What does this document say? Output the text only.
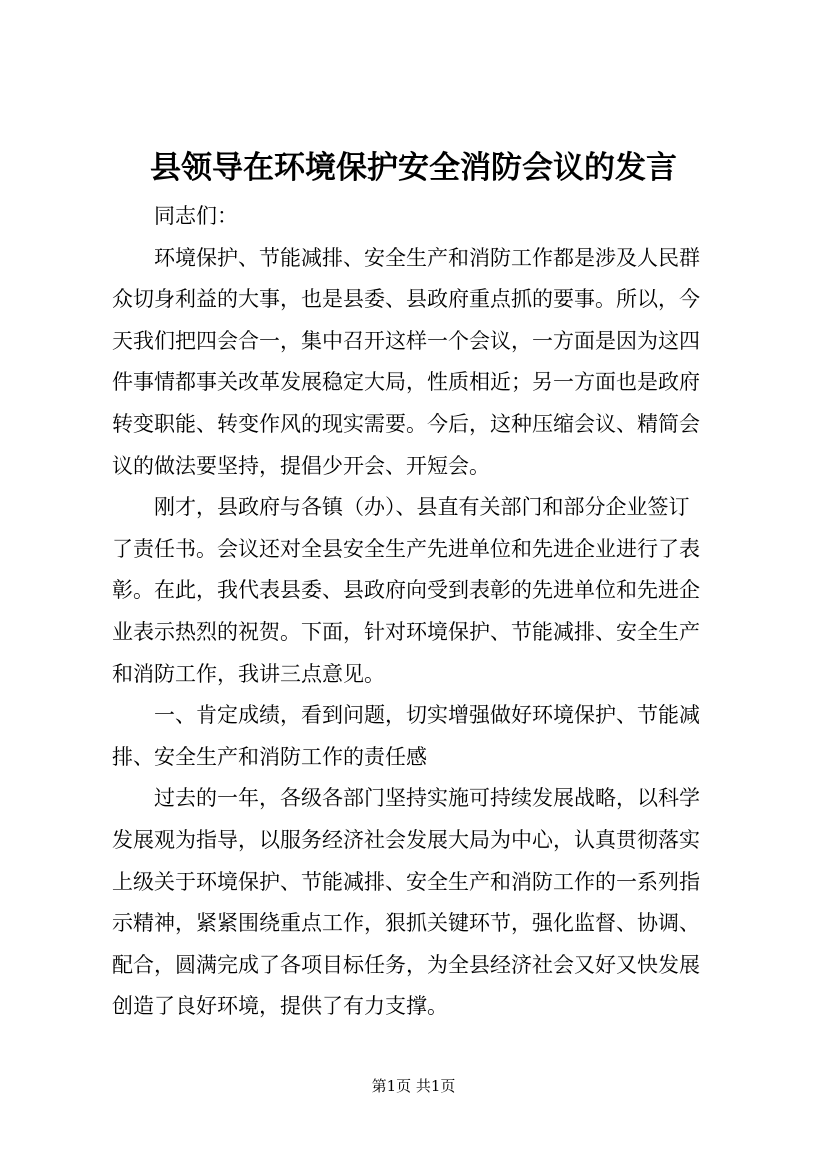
县领导在环境保护安全消防会议的发言
同志们：
环境保护、节能减排、安全生产和消防工作都是涉及人民群
众切身利益的大事，也是县委、县政府重点抓的要事。所以，今
天我们把四会合一，集中召开这样一个会议，一方面是因为这四
件事情都事关改革发展稳定大局，性质相近；另一方面也是政府
转变职能、转变作风的现实需要。今后，这种压缩会议、精简会
议的做法要坚持，提倡少开会、开短会。
刚才，县政府与各镇（办）、县直有关部门和部分企业签订
了责任书。会议还对全县安全生产先进单位和先进企业进行了表
彰。在此，我代表县委、县政府向受到表彰的先进单位和先进企
业表示热烈的祝贺。下面，针对环境保护、节能减排、安全生产
和消防工作，我讲三点意见。
一、肯定成绩，看到问题，切实增强做好环境保护、节能减
排、安全生产和消防工作的责任感
过去的一年，各级各部门坚持实施可持续发展战略，以科学
发展观为指导，以服务经济社会发展大局为中心，认真贯彻落实
上级关于环境保护、节能减排、安全生产和消防工作的一系列指
示精神，紧紧围绕重点工作，狠抓关键环节，强化监督、协调、
配合，圆满完成了各项目标任务，为全县经济社会又好又快发展
创造了良好环境，提供了有力支撑。
第1页 共1页
